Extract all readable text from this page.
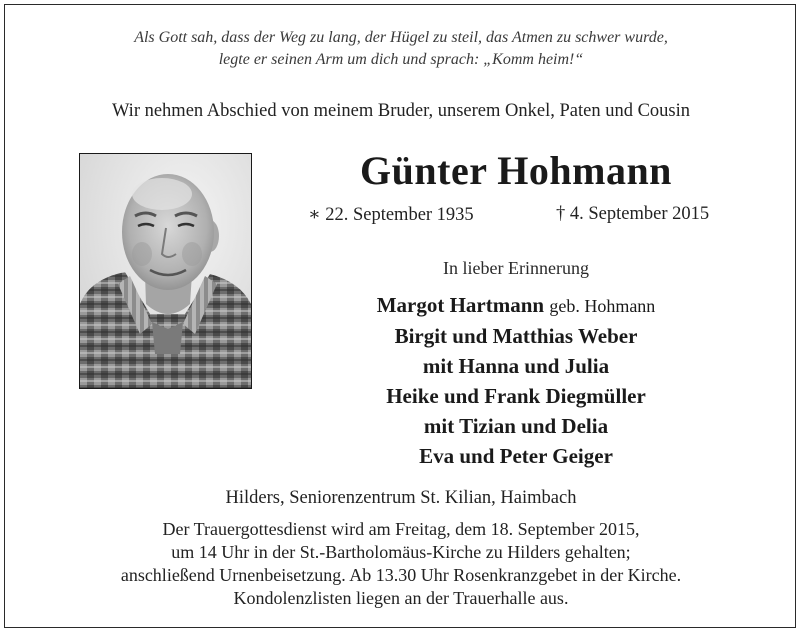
Als Gott sah, dass der Weg zu lang, der Hügel zu steil, das Atmen zu schwer wurde,
legte er seinen Arm um dich und sprach: „Komm heim!“
Wir nehmen Abschied von meinem Bruder, unserem Onkel, Paten und Cousin
Günter Hohmann
∗ 22. September 1935	† 4. September 2015
In lieber Erinnerung
Margot Hartmann geb. Hohmann
Birgit und Matthias Weber
mit Hanna und Julia
Heike und Frank Diegmüller
mit Tizian und Delia
Eva und Peter Geiger
Hilders, Seniorenzentrum St. Kilian, Haimbach
Der Trauergottesdienst wird am Freitag, dem 18. September 2015,
um 14 Uhr in der St.-Bartholomäus-Kirche zu Hilders gehalten;
anschließend Urnenbeisetzung. Ab 13.30 Uhr Rosenkranzgebet in der Kirche.
Kondolenzlisten liegen an der Trauerhalle aus.
